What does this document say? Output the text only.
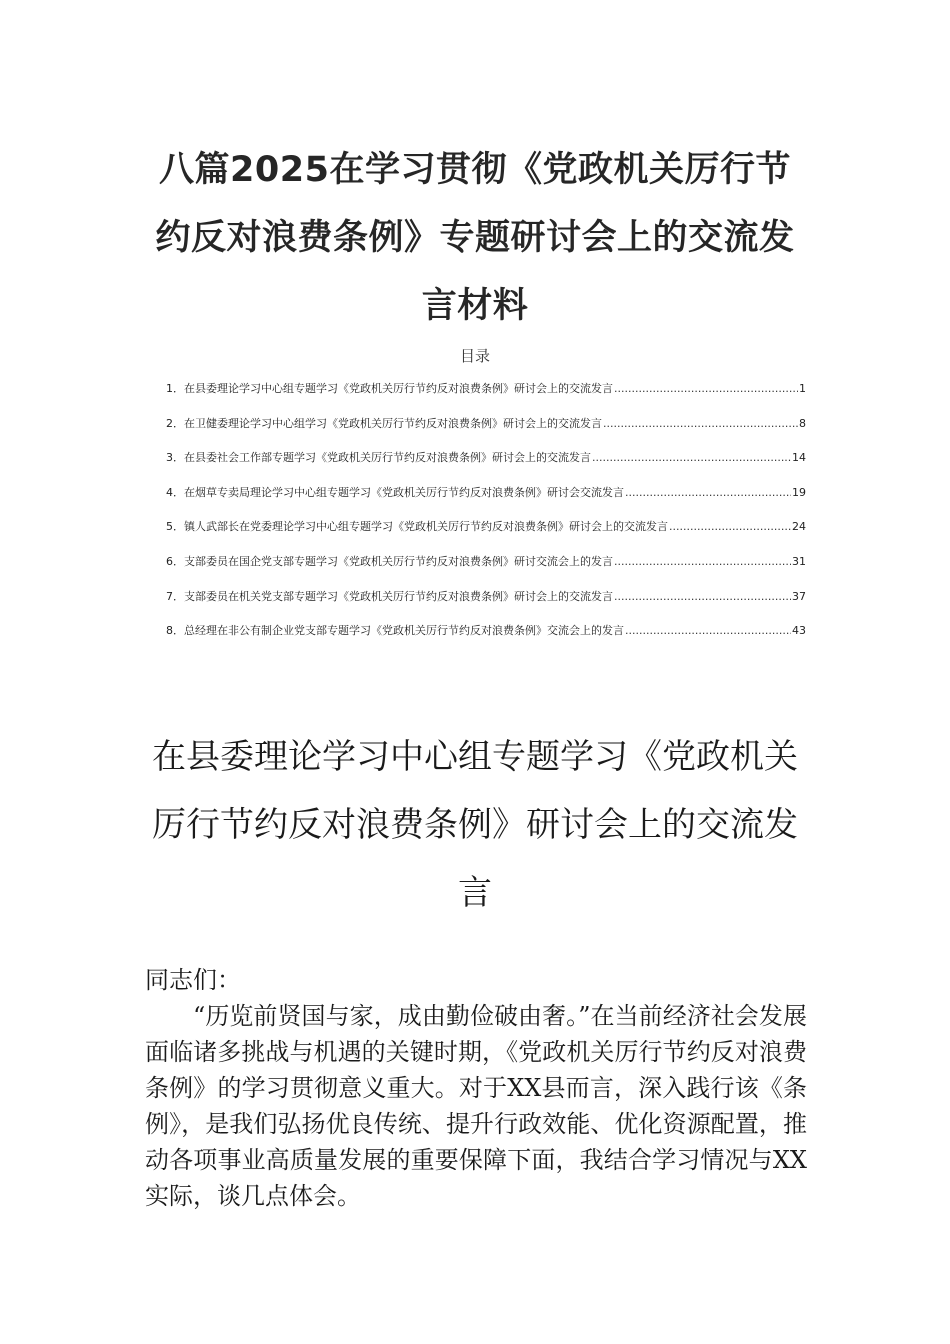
八篇2025在学习贯彻《党政机关厉行节约反对浪费条例》专题研讨会上的交流发言材料
目录
1．在县委理论学习中心组专题学习《党政机关厉行节约反对浪费条例》研讨会上的交流发言 .....	1
2．在卫健委理论学习中心组学习《党政机关厉行节约反对浪费条例》研讨会上的交流发言 .....	8
3．在县委社会工作部专题学习《党政机关厉行节约反对浪费条例》研讨会上的交流发言 .....	14
4．在烟草专卖局理论学习中心组专题学习《党政机关厉行节约反对浪费条例》研讨会交流发言 .....	19
5．镇人武部长在党委理论学习中心组专题学习《党政机关厉行节约反对浪费条例》研讨会上的交流发言 .....	24
6．支部委员在国企党支部专题学习《党政机关厉行节约反对浪费条例》研讨交流会上的发言 .....	31
7．支部委员在机关党支部专题学习《党政机关厉行节约反对浪费条例》研讨会上的交流发言 .....	37
8．总经理在非公有制企业党支部专题学习《党政机关厉行节约反对浪费条例》交流会上的发言 .....	43
在县委理论学习中心组专题学习《党政机关厉行节约反对浪费条例》研讨会上的交流发言

同志们：

“历览前贤国与家，成由勤俭破由奢。”在当前经济社会发展面临诸多挑战与机遇的关键时期，《党政机关厉行节约反对浪费条例》的学习贯彻意义重大。对于XX县而言，深入践行该《条例》，是我们弘扬优良传统、提升行政效能、优化资源配置，推动各项事业高质量发展的重要保障下面，我结合学习情况与XX实际，谈几点体会。
